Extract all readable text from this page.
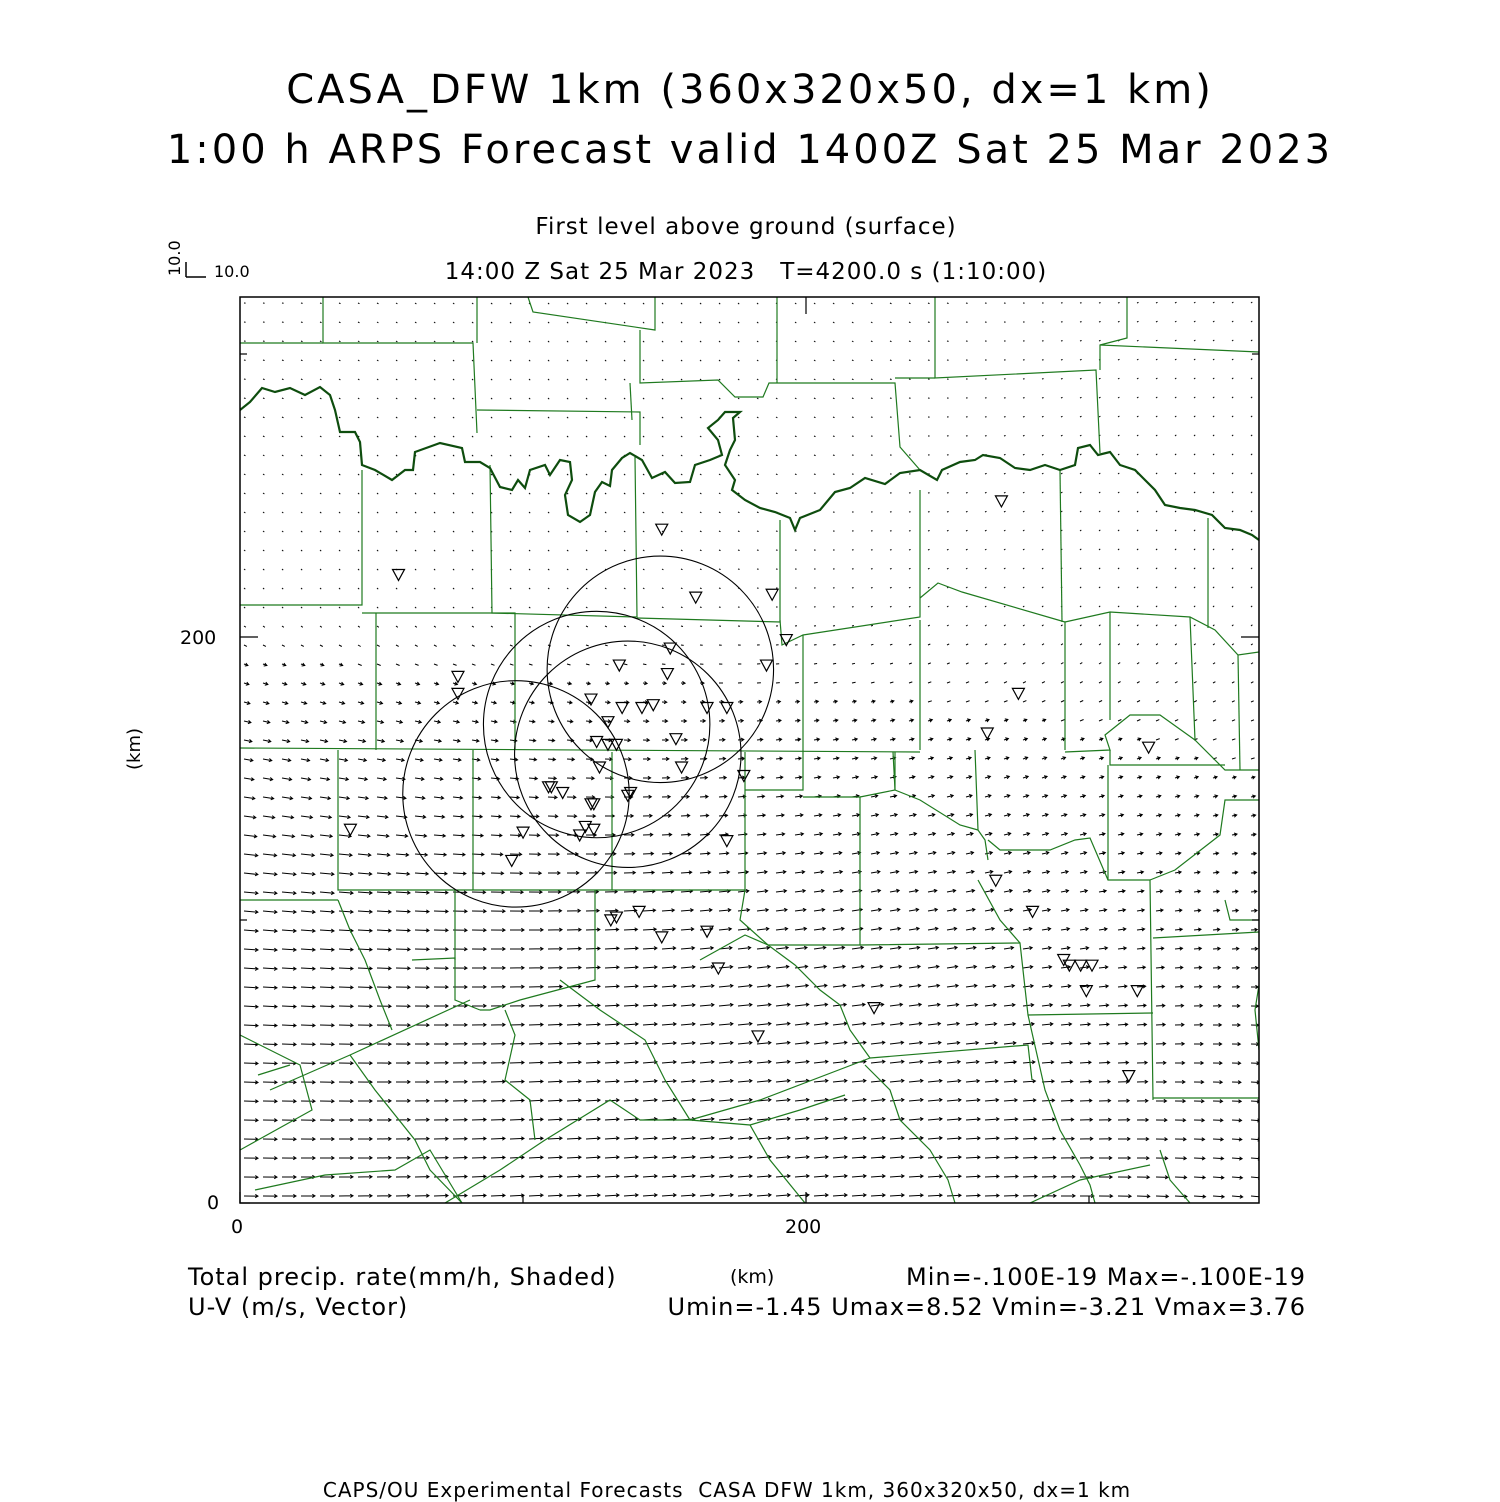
CASA_DFW 1km (360x320x50, dx=1 km)
1:00 h ARPS Forecast valid 1400Z Sat 25 Mar 2023
First level above ground (surface)
14:00 Z Sat 25 Mar 2023   T=4200.0 s (1:10:00)
10.0
10.0
0	200
0
200
(km)
Total precip. rate(mm/h, Shaded)
U-V (m/s, Vector)
(km)	Min=-.100E-19 Max=-.100E-19
Umin=-1.45 Umax=8.52 Vmin=-3.21 Vmax=3.76
CAPS/OU Experimental Forecasts  CASA DFW 1km, 360x320x50, dx=1 km
